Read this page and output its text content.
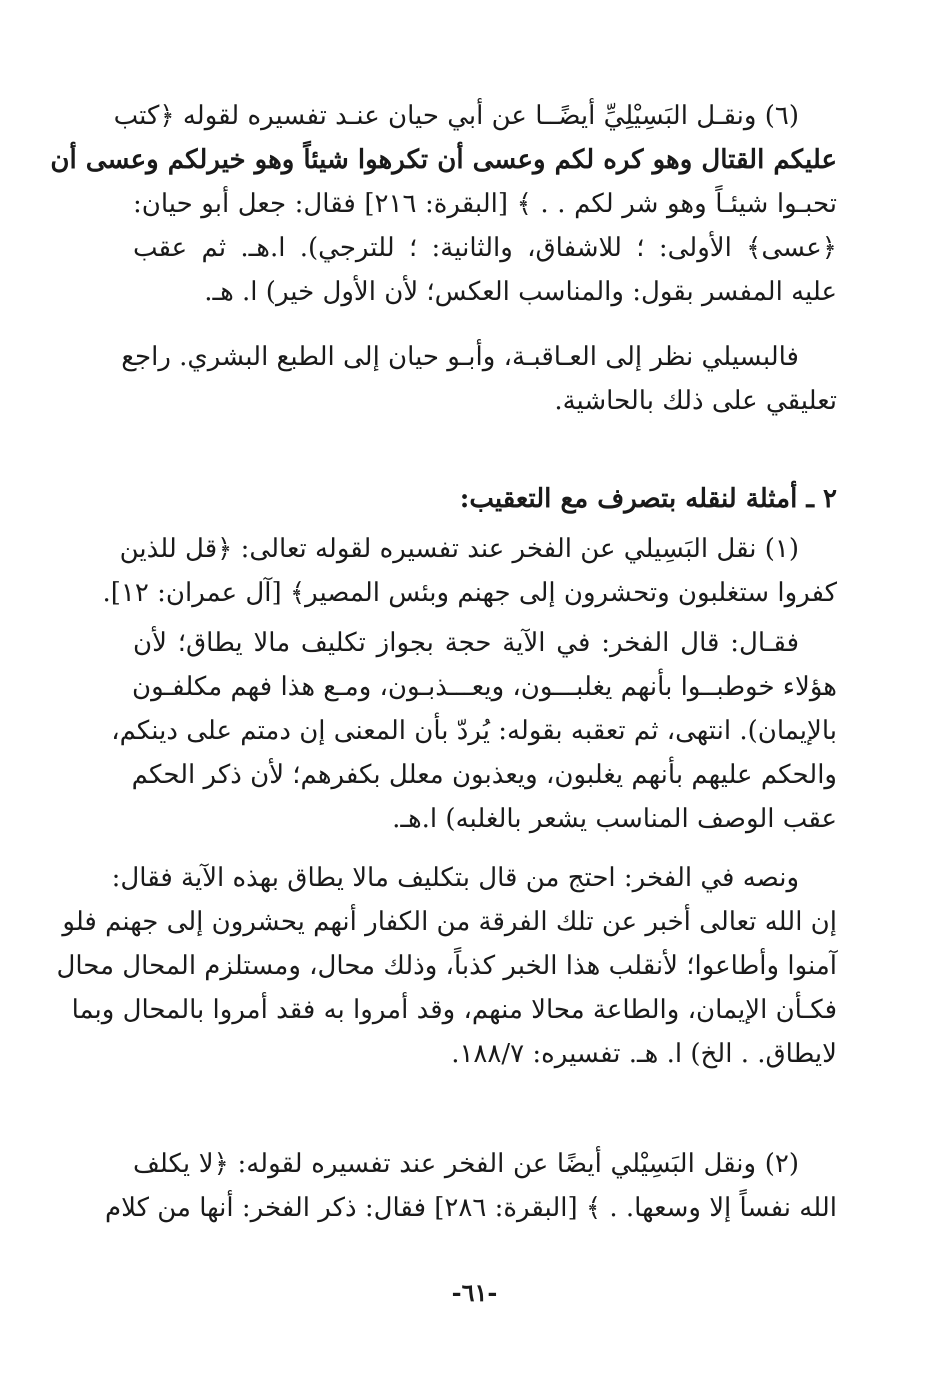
(٦) ونقـل البَسِيْلِيِّ أيضًــا عن أبي حيان عنـد تفسيره لقوله ﴿كتب
عليكم القتال وهو كره لكم وعسى أن تكرهوا شيئاً وهو خيرلكم وعسى أن
تحبـوا شيئـاً وهو شر لكم . . ﴾ [البقرة: ٢١٦] فقال: جعل أبو حيان:
﴿عسى﴾ الأولى: ؛ للاشفاق، والثانية: ؛ للترجي). ا.هـ. ثم عقب
عليه المفسر بقول: والمناسب العكس؛ لأن الأول خير) ا. هـ.
فالبسيلي نظر إلى العـاقبـة، وأبـو حيان إلى الطبع البشري. راجع
تعليقي على ذلك بالحاشية.
٢ ـ أمثلة لنقله بتصرف مع التعقيب:
(١) نقل البَسِيلي عن الفخر عند تفسيره لقوله تعالى: ﴿قل للذين
كفروا ستغلبون وتحشرون إلى جهنم وبئس المصير﴾ [آل عمران: ١٢].
فقـال: قال الفخر: في الآية حجة بجواز تكليف مالا يطاق؛ لأن
هؤلاء خوطبــوا بأنهم يغلبـــون، ويعـــذبـون، ومـع هذا فهم مكلفـون
بالإيمان). انتهى، ثم تعقبه بقوله: يُردّ بأن المعنى إن دمتم على دينكم،
والحكم عليهم بأنهم يغلبون، ويعذبون معلل بكفرهم؛ لأن ذكر الحكم
عقب الوصف المناسب يشعر بالغلبه) ا.هـ.
ونصه في الفخر: احتج من قال بتكليف مالا يطاق بهذه الآية فقال:
إن الله تعالى أخبر عن تلك الفرقة من الكفار أنهم يحشرون إلى جهنم فلو
آمنوا وأطاعوا؛ لأنقلب هذا الخبر كذباً، وذلك محال، ومستلزم المحال محال
فكـأن الإيمان، والطاعة محالا منهم، وقد أمروا به فقد أمروا بالمحال وبما
لايطاق. . الخ) ا. هـ. تفسيره: ١٨٨/٧.
(٢) ونقل البَسِيْلي أيضًا عن الفخر عند تفسيره لقوله: ﴿لا يكلف
الله نفساً إلا وسعها. . ﴾ [البقرة: ٢٨٦] فقال: ذكر الفخر: أنها من كلام
-٦١-
